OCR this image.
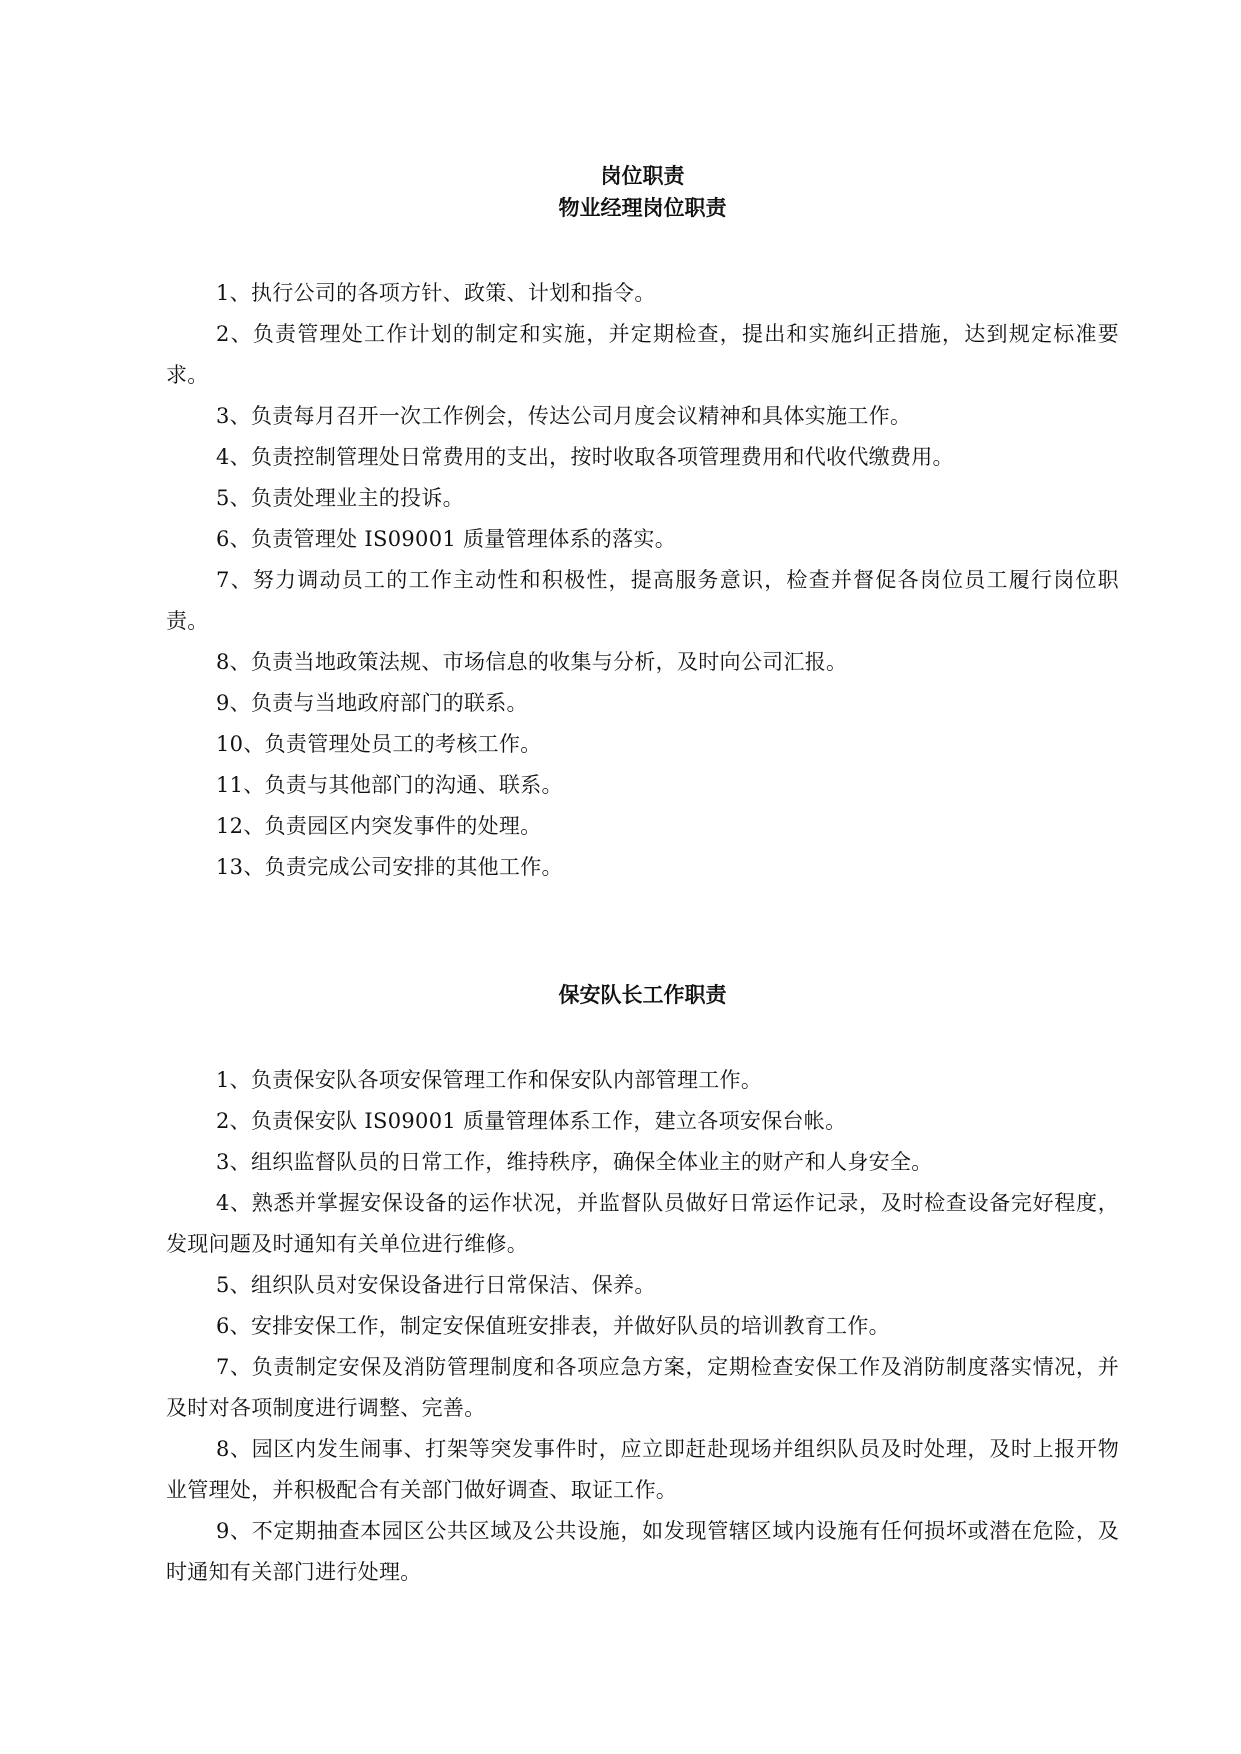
岗位职责
物业经理岗位职责

1、执行公司的各项方针、政策、计划和指令。

2、负责管理处工作计划的制定和实施，并定期检查，提出和实施纠正措施，达到规定标准要求。

3、负责每月召开一次工作例会，传达公司月度会议精神和具体实施工作。

4、负责控制管理处日常费用的支出，按时收取各项管理费用和代收代缴费用。

5、负责处理业主的投诉。

6、负责管理处 IS09001 质量管理体系的落实。

7、努力调动员工的工作主动性和积极性，提高服务意识，检查并督促各岗位员工履行岗位职责。

8、负责当地政策法规、市场信息的收集与分析，及时向公司汇报。

9、负责与当地政府部门的联系。

10、负责管理处员工的考核工作。

11、负责与其他部门的沟通、联系。

12、负责园区内突发事件的处理。

13、负责完成公司安排的其他工作。

保安队长工作职责

1、负责保安队各项安保管理工作和保安队内部管理工作。

2、负责保安队 IS09001 质量管理体系工作，建立各项安保台帐。

3、组织监督队员的日常工作，维持秩序，确保全体业主的财产和人身安全。

4、熟悉并掌握安保设备的运作状况，并监督队员做好日常运作记录，及时检查设备完好程度，发现问题及时通知有关单位进行维修。

5、组织队员对安保设备进行日常保洁、保养。

6、安排安保工作，制定安保值班安排表，并做好队员的培训教育工作。

7、负责制定安保及消防管理制度和各项应急方案，定期检查安保工作及消防制度落实情况，并及时对各项制度进行调整、完善。

8、园区内发生闹事、打架等突发事件时，应立即赶赴现场并组织队员及时处理，及时上报开物业管理处，并积极配合有关部门做好调查、取证工作。

9、不定期抽查本园区公共区域及公共设施，如发现管辖区域内设施有任何损坏或潜在危险，及时通知有关部门进行处理。
